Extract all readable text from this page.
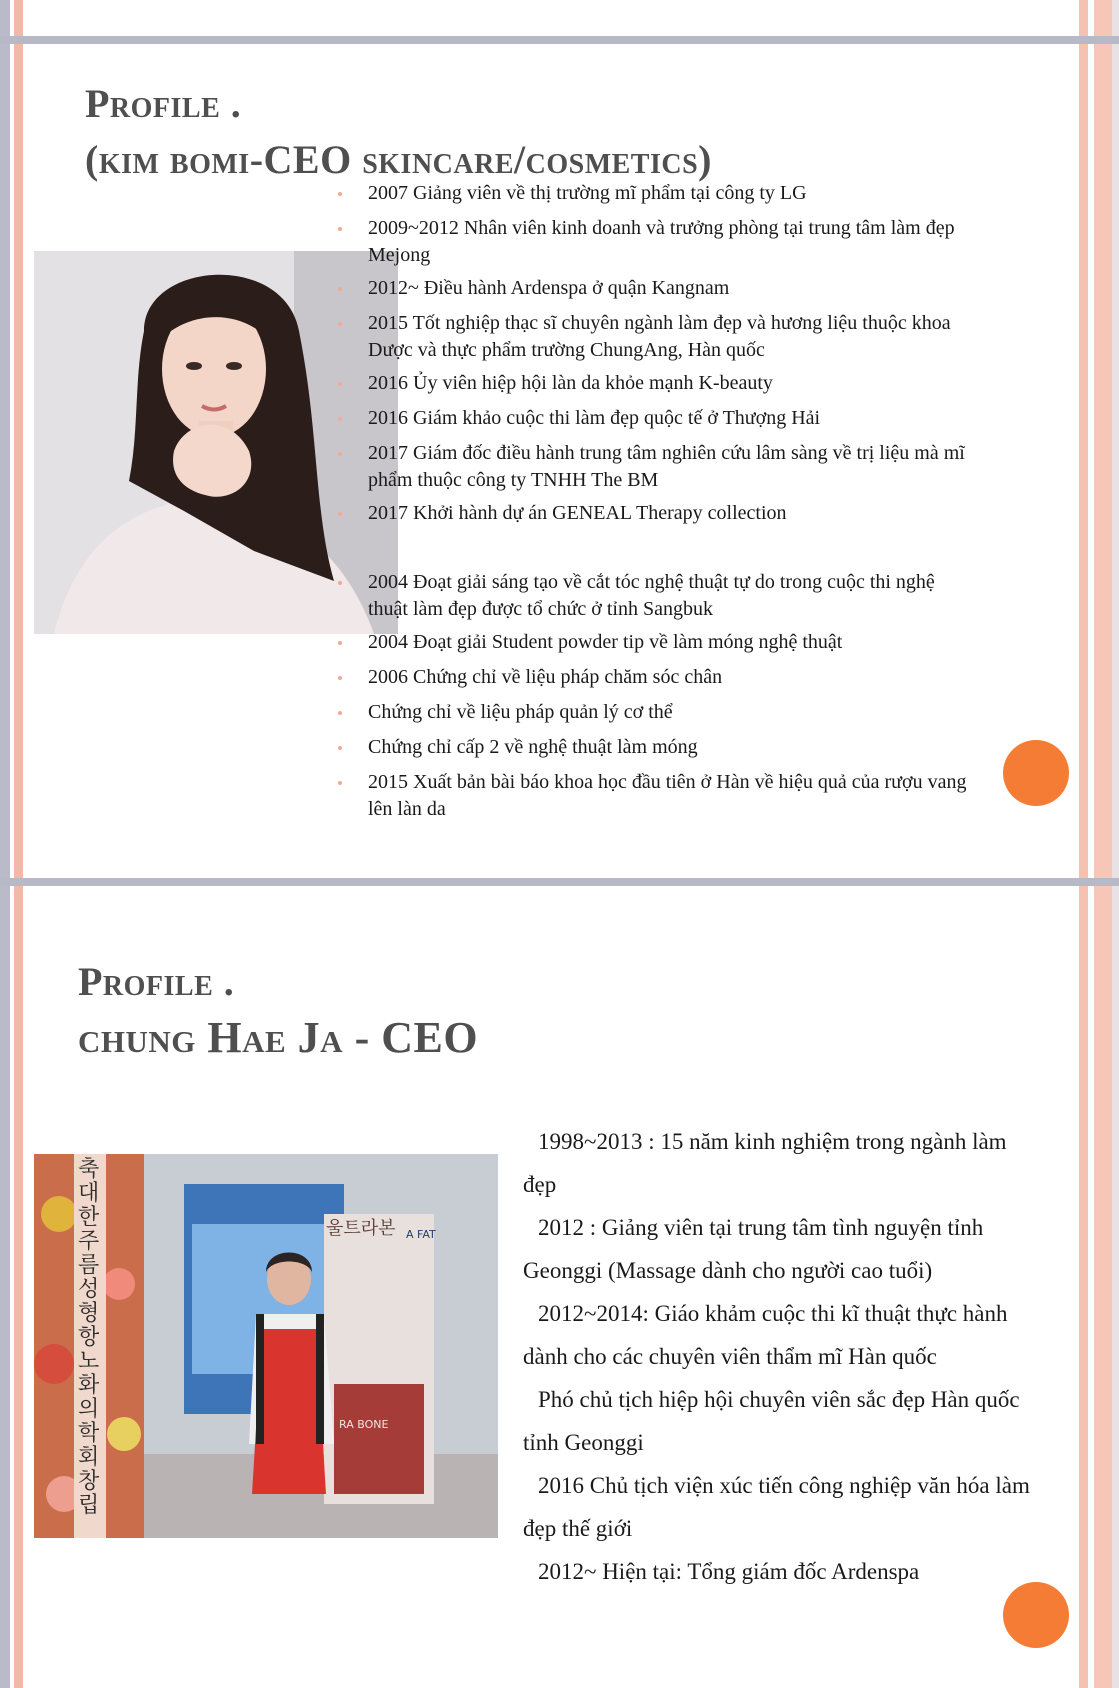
Profile .
(kim bomi-CEO skincare/cosmetics)
2007 Giảng viên về thị trường mĩ phẩm tại công ty LG
2009~2012 Nhân viên kinh doanh và trưởng phòng tại trung tâm làm đẹp Mejong
2012~ Điều hành Ardenspa ở quận Kangnam
2015 Tốt nghiệp thạc sĩ chuyên ngành làm đẹp và hương liệu thuộc khoa Dược và thực phẩm trường ChungAng, Hàn quốc
2016 Ủy viên hiệp hội làn da khỏe mạnh K-beauty
2016 Giám khảo cuộc thi làm đẹp quộc tế ở Thượng Hải
2017 Giám đốc điều hành trung tâm nghiên cứu lâm sàng về trị liệu mà mĩ phẩm thuộc công ty TNHH The BM
2017 Khởi hành dự án GENEAL Therapy collection
2004 Đoạt giải sáng tạo về cắt tóc nghệ thuật tự do trong cuộc thi nghệ thuật làm đẹp được tổ chức ở tỉnh Sangbuk
2004 Đoạt giải Student powder tip về làm móng nghệ thuật
2006 Chứng chỉ về liệu pháp chăm sóc chân
Chứng chỉ về liệu pháp quản lý cơ thể
Chứng chỉ cấp 2 về nghệ thuật làm móng
2015 Xuất bản bài báo khoa học đầu tiên ở Hàn về hiệu quả của rượu vang lên làn da
Profile .
chung Hae Ja - CEO
축대한주름성형항노화의학회창립
울트라본 A FAT
RA BONE

1998~2013 : 15 năm kinh nghiệm trong ngành làm đẹp

2012 : Giảng viên tại trung tâm tình nguyện tỉnh Geonggi (Massage dành cho người cao tuổi)

2012~2014: Giáo khảm cuộc thi kĩ thuật thực hành dành cho các chuyên viên thẩm mĩ Hàn quốc

Phó chủ tịch hiệp hội chuyên viên sắc đẹp Hàn quốc tỉnh Geonggi

2016 Chủ tịch viện xúc tiến công nghiệp văn hóa làm đẹp thế giới

2012~ Hiện tại: Tổng giám đốc Ardenspa
